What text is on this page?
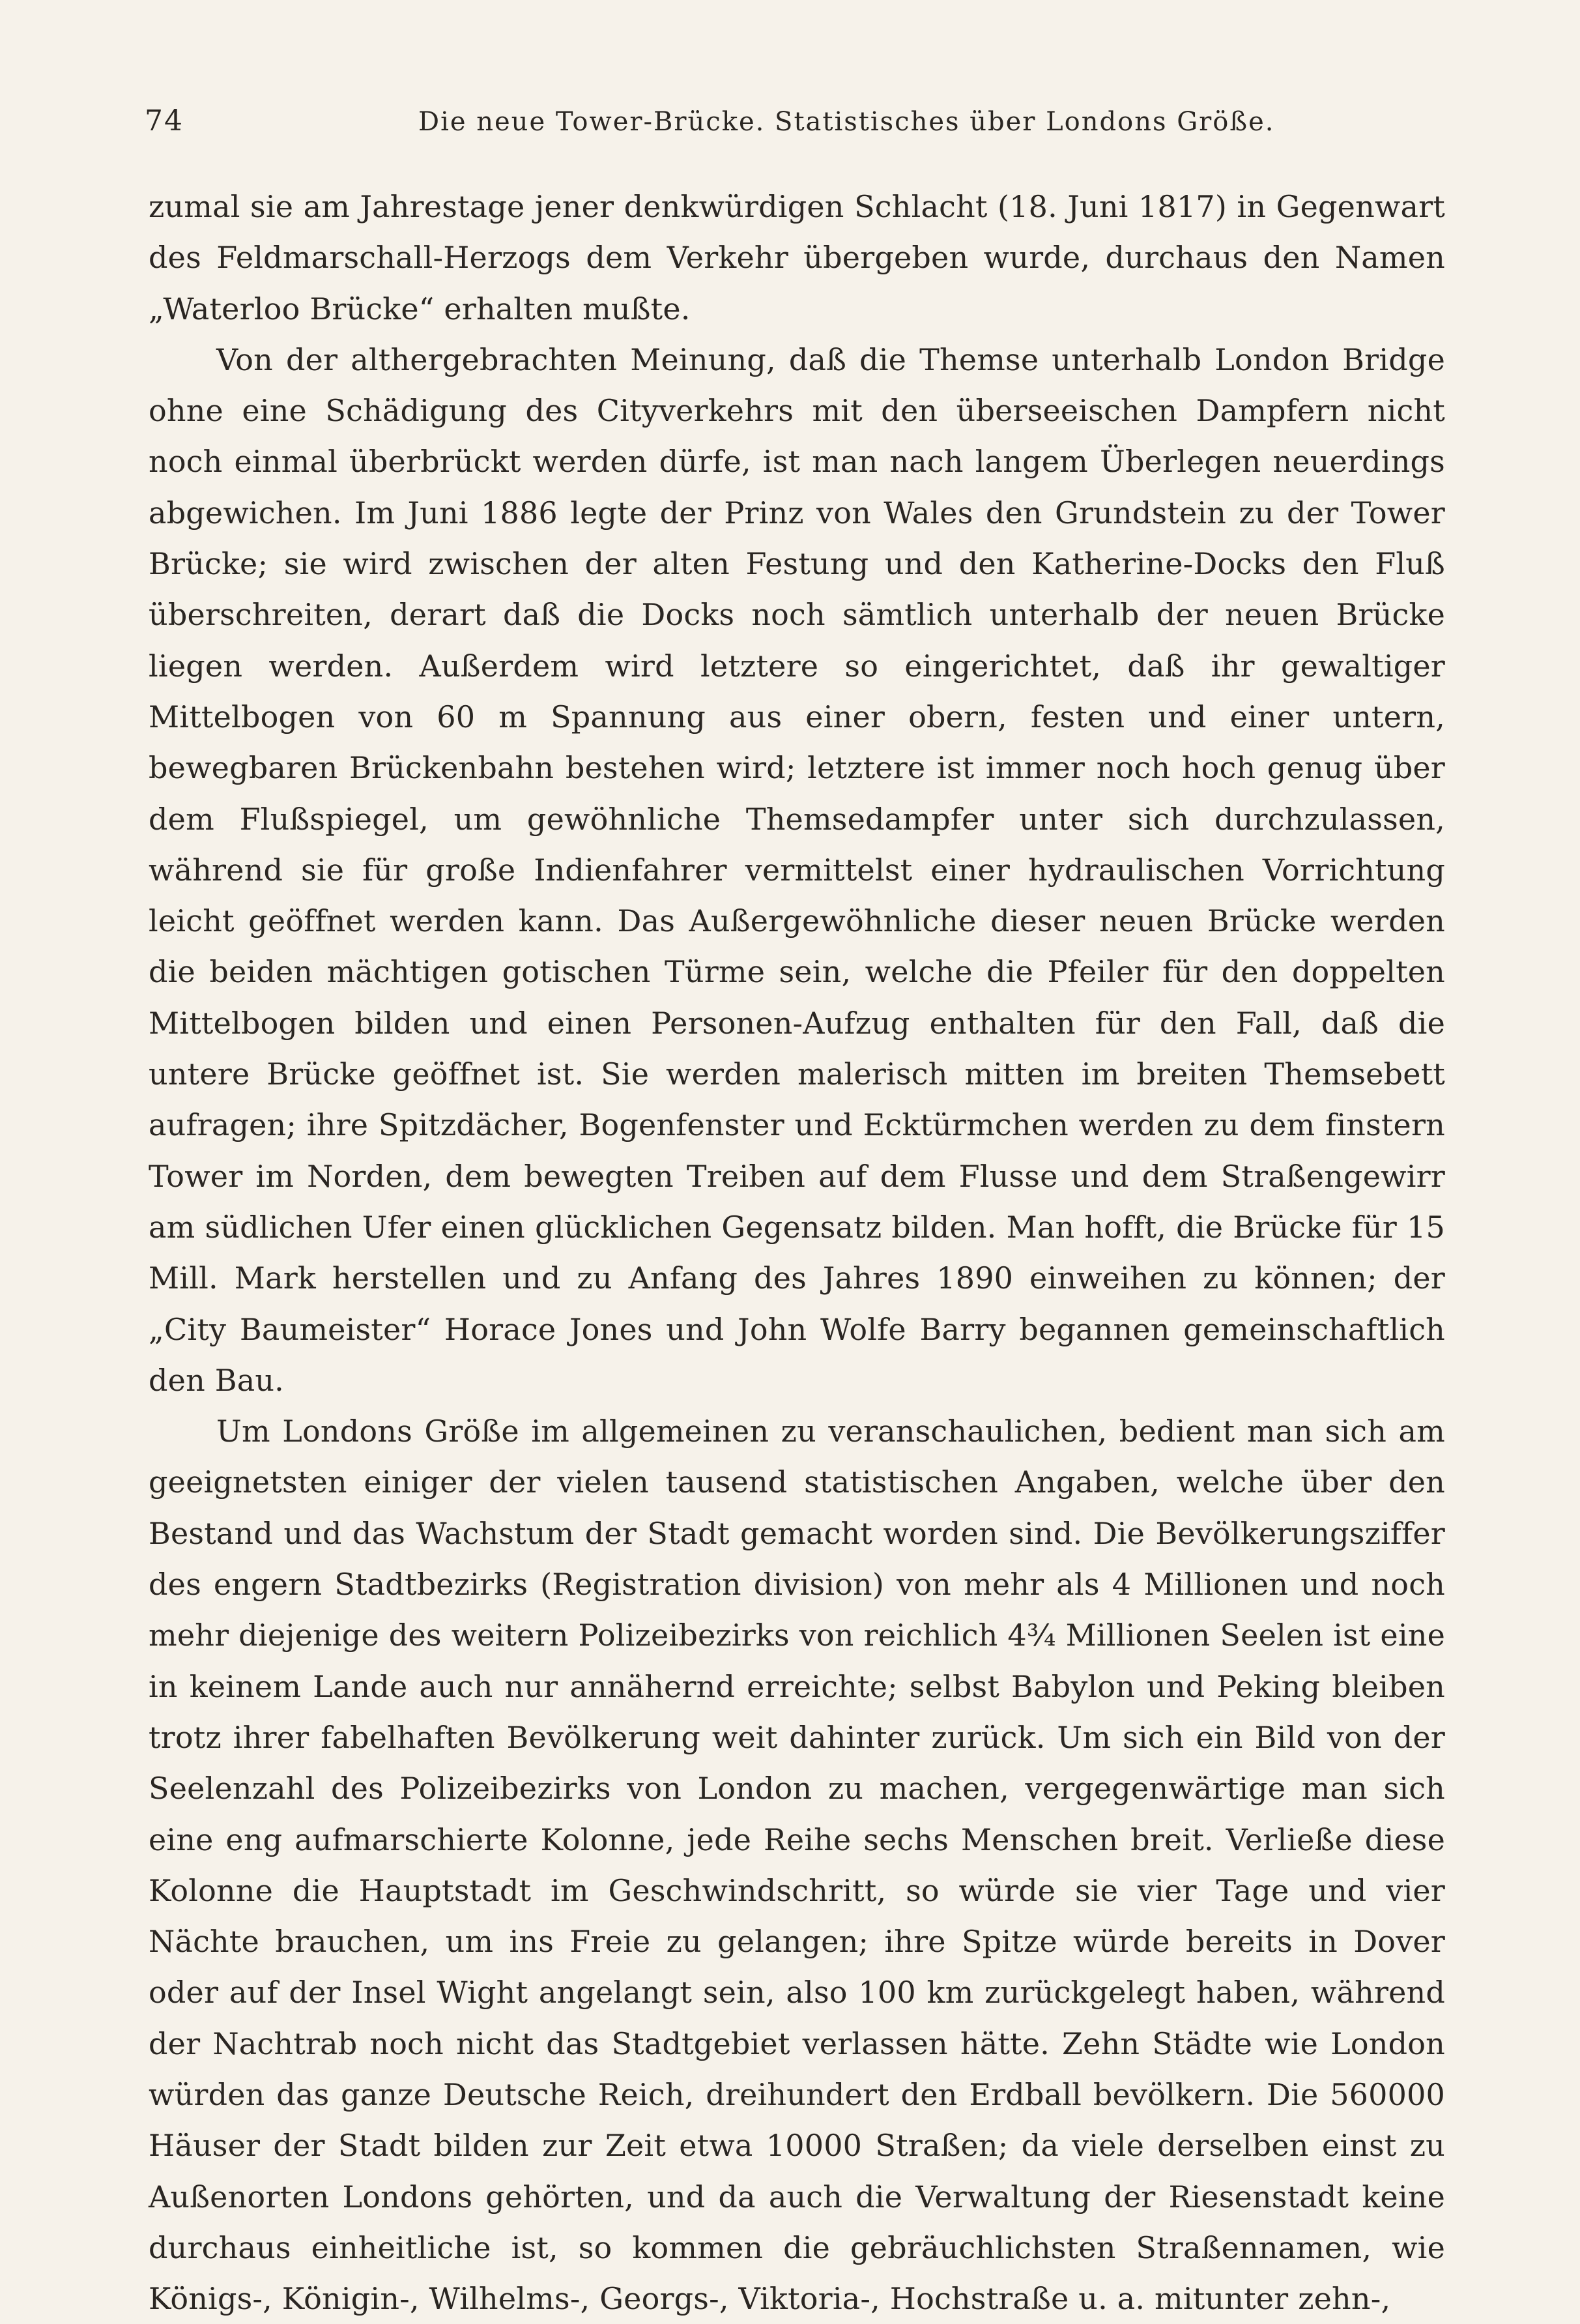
74	Die neue Tower-Brücke. Statistisches über Londons Größe.

zumal sie am Jahrestage jener denkwürdigen Schlacht (18. Juni 1817) in Gegenwart des Feldmarschall-Herzogs dem Verkehr übergeben wurde, durchaus den Namen „Waterloo Brücke“ erhalten mußte.

Von der althergebrachten Meinung, daß die Themse unterhalb London Bridge ohne eine Schädigung des Cityverkehrs mit den überseeischen Dampfern nicht noch einmal überbrückt werden dürfe, ist man nach langem Überlegen neuerdings abgewichen. Im Juni 1886 legte der Prinz von Wales den Grundstein zu der Tower Brücke; sie wird zwischen der alten Festung und den Katherine-Docks den Fluß überschreiten, derart daß die Docks noch sämtlich unterhalb der neuen Brücke liegen werden. Außerdem wird letztere so eingerichtet, daß ihr gewaltiger Mittelbogen von 60 m Spannung aus einer obern, festen und einer untern, bewegbaren Brückenbahn bestehen wird; letztere ist immer noch hoch genug über dem Flußspiegel, um gewöhnliche Themsedampfer unter sich durchzulassen, während sie für große Indienfahrer vermittelst einer hydraulischen Vorrichtung leicht geöffnet werden kann. Das Außergewöhnliche dieser neuen Brücke werden die beiden mächtigen gotischen Türme sein, welche die Pfeiler für den doppelten Mittelbogen bilden und einen Personen-Aufzug enthalten für den Fall, daß die untere Brücke geöffnet ist. Sie werden malerisch mitten im breiten Themsebett aufragen; ihre Spitzdächer, Bogenfenster und Ecktürmchen werden zu dem finstern Tower im Norden, dem bewegten Treiben auf dem Flusse und dem Straßengewirr am südlichen Ufer einen glücklichen Gegensatz bilden. Man hofft, die Brücke für 15 Mill. Mark herstellen und zu Anfang des Jahres 1890 einweihen zu können; der „City Baumeister“ Horace Jones und John Wolfe Barry begannen gemeinschaftlich den Bau.

Um Londons Größe im allgemeinen zu veranschaulichen, bedient man sich am geeignetsten einiger der vielen tausend statistischen Angaben, welche über den Bestand und das Wachstum der Stadt gemacht worden sind. Die Bevölkerungsziffer des engern Stadtbezirks (Registration division) von mehr als 4 Millionen und noch mehr diejenige des weitern Polizeibezirks von reichlich 4¾ Millionen Seelen ist eine in keinem Lande auch nur annähernd erreichte; selbst Babylon und Peking bleiben trotz ihrer fabelhaften Bevölkerung weit dahinter zurück. Um sich ein Bild von der Seelenzahl des Polizeibezirks von London zu machen, vergegenwärtige man sich eine eng aufmarschierte Kolonne, jede Reihe sechs Menschen breit. Verließe diese Kolonne die Hauptstadt im Geschwindschritt, so würde sie vier Tage und vier Nächte brauchen, um ins Freie zu gelangen; ihre Spitze würde bereits in Dover oder auf der Insel Wight angelangt sein, also 100 km zurückgelegt haben, während der Nachtrab noch nicht das Stadtgebiet verlassen hätte. Zehn Städte wie London würden das ganze Deutsche Reich, dreihundert den Erdball bevölkern. Die 560000 Häuser der Stadt bilden zur Zeit etwa 10000 Straßen; da viele derselben einst zu Außenorten Londons gehörten, und da auch die Verwaltung der Riesenstadt keine durchaus einheitliche ist, so kommen die gebräuchlichsten Straßennamen, wie Königs-, Königin-, Wilhelms-, Georgs-, Viktoria-, Hochstraße u. a. mitunter zehn-,
